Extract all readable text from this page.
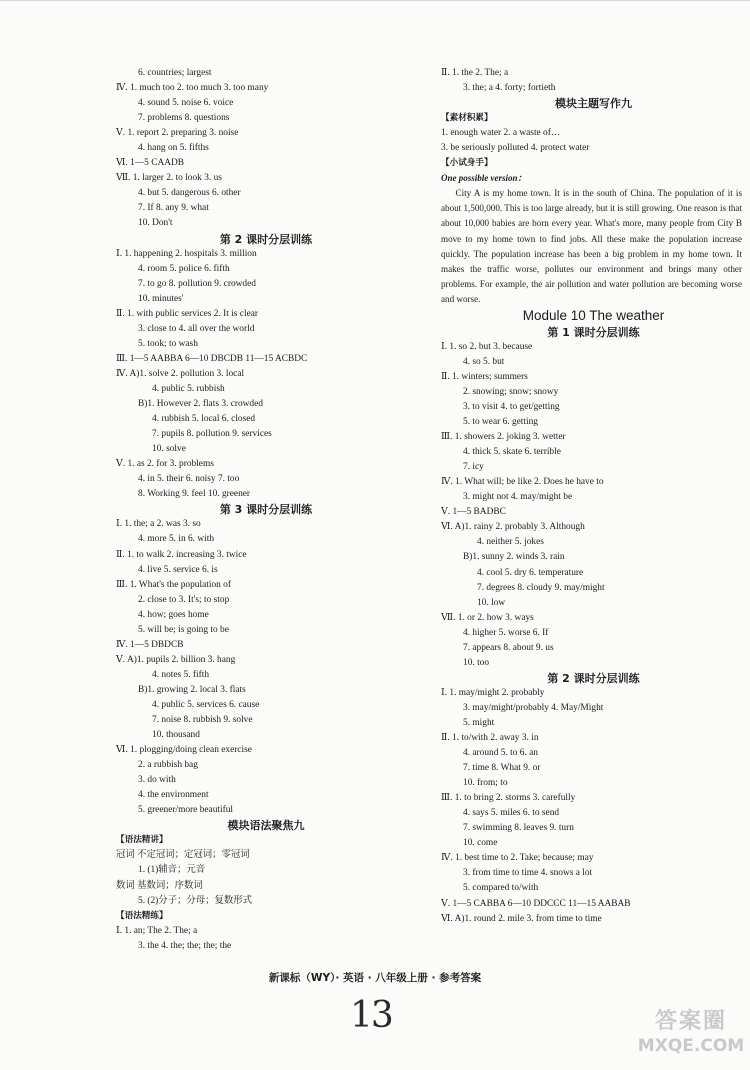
6. countries; largest
Ⅳ. 1. much too 2. too much 3. too many
4. sound 5. noise 6. voice
7. problems 8. questions
Ⅴ. 1. report 2. preparing 3. noise
4. hang on 5. fifths
Ⅵ. 1—5 CAADB
Ⅶ. 1. larger 2. to look 3. us
4. but 5. dangerous 6. other
7. If 8. any 9. what
10. Don't
第 2 课时分层训练
Ⅰ. 1. happening 2. hospitals 3. million
4. room 5. police 6. fifth
7. to go 8. pollution 9. crowded
10. minutes'
Ⅱ. 1. with public services 2. It is clear
3. close to 4. all over the world
5. took; to wash
Ⅲ. 1—5 AABBA 6—10 DBCDB 11—15 ACBDC
Ⅳ. A)1. solve 2. pollution 3. local
4. public 5. rubbish
B)1. However 2. flats 3. crowded
4. rubbish 5. local 6. closed
7. pupils 8. pollution 9. services
10. solve
Ⅴ. 1. as 2. for 3. problems
4. in 5. their 6. noisy 7. too
8. Working 9. feel 10. greener
第 3 课时分层训练
Ⅰ. 1. the; a 2. was 3. so
4. more 5. in 6. with
Ⅱ. 1. to walk 2. increasing 3. twice
4. live 5. service 6. is
Ⅲ. 1. What's the population of
2. close to 3. It's; to stop
4. how; goes home
5. will be; is going to be
Ⅳ. 1—5 DBDCB
Ⅴ. A)1. pupils 2. billion 3. hang
4. notes 5. fifth
B)1. growing 2. local 3. flats
4. public 5. services 6. cause
7. noise 8. rubbish 9. solve
10. thousand
Ⅵ. 1. plogging/doing clean exercise
2. a rubbish bag
3. do with
4. the environment
5. greener/more beautiful
模块语法聚焦九
【语法精讲】
冠词 不定冠词；定冠词；零冠词
1. (1)辅音；元音
数词 基数词；序数词
5. (2)分子；分母；复数形式
【语法精练】
Ⅰ. 1. an; The 2. The; a
3. the 4. the; the; the; the
Ⅱ. 1. the 2. The; a
3. the; a 4. forty; fortieth
模块主题写作九
【素材积累】
1. enough water 2. a waste of…
3. be seriously polluted 4. protect water
【小试身手】
One possible version：
City A is my home town. It is in the south of China. The population of it is about 1,500,000. This is too large already, but it is still growing. One reason is that about 10,000 babies are born every year. What's more, many people from City B move to my home town to find jobs. All these make the population increase quickly. The population increase has been a big problem in my home town. It makes the traffic worse, pollutes our environment and brings many other problems. For example, the air pollution and water pollution are becoming worse and worse.
Module 10 The weather
第 1 课时分层训练
Ⅰ. 1. so 2. but 3. because
4. so 5. but
Ⅱ. 1. winters; summers
2. snowing; snow; snowy
3. to visit 4. to get/getting
5. to wear 6. getting
Ⅲ. 1. showers 2. joking 3. wetter
4. thick 5. skate 6. terrible
7. icy
Ⅳ. 1. What will; be like 2. Does he have to
3. might not 4. may/might be
Ⅴ. 1—5 BADBC
Ⅵ. A)1. rainy 2. probably 3. Although
4. neither 5. jokes
B)1. sunny 2. winds 3. rain
4. cool 5. dry 6. temperature
7. degrees 8. cloudy 9. may/might
10. low
Ⅶ. 1. or 2. how 3. ways
4. higher 5. worse 6. If
7. appears 8. about 9. us
10. too
第 2 课时分层训练
Ⅰ. 1. may/might 2. probably
3. may/might/probably 4. May/Might
5. might
Ⅱ. 1. to/with 2. away 3. in
4. around 5. to 6. an
7. time 8. What 9. or
10. from; to
Ⅲ. 1. to bring 2. storms 3. carefully
4. says 5. miles 6. to send
7. swimming 8. leaves 9. turn
10. come
Ⅳ. 1. best time to 2. Take; because; may
3. from time to time 4. snows a lot
5. compared to/with
Ⅴ. 1—5 CABBA 6—10 DDCCC 11—15 AABAB
Ⅵ. A)1. round 2. mile 3. from time to time
新课标（WY）· 英语 · 八年级上册 · 参考答案
13	答案圈
MXQE.COM
